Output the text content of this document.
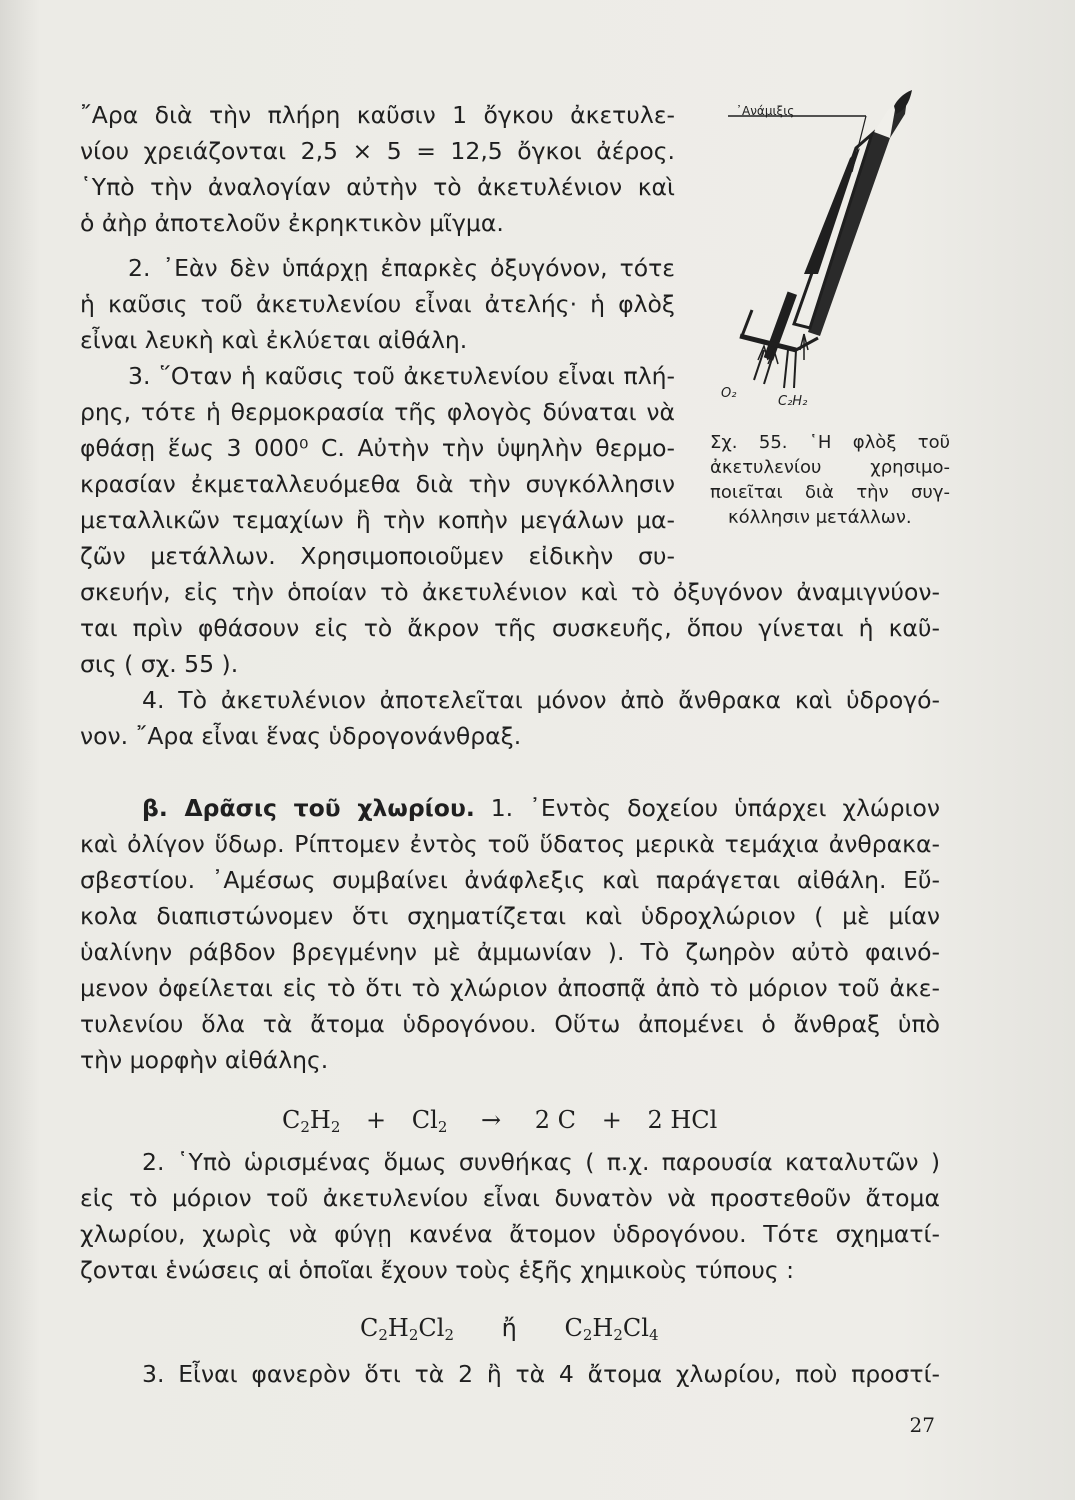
῎Αρα διὰ τὴν πλήρη καῦσιν 1 ὄγκου ἀκετυλε-
νίου χρειάζονται 2,5 × 5 = 12,5 ὄγκοι ἀέρος.
῾Υπὸ τὴν ἀναλογίαν αὐτὴν τὸ ἀκετυλένιον καὶ
ὁ ἀὴρ ἀποτελοῦν ἐκρηκτικὸν μῖγμα.
2. ᾿Εὰν δὲν ὑπάρχῃ ἐπαρκὲς ὀξυγόνον, τότε
ἡ καῦσις τοῦ ἀκετυλενίου εἶναι ἀτελής· ἡ φλὸξ
εἶναι λευκὴ καὶ ἐκλύεται αἰθάλη.
3. ῞Οταν ἡ καῦσις τοῦ ἀκετυλενίου εἶναι πλή-
ρης, τότε ἡ θερμοκρασία τῆς φλογὸς δύναται νὰ
φθάσῃ ἕως 3 000⁰ C. Αὐτὴν τὴν ὑψηλὴν θερμο-
κρασίαν ἐκμεταλλευόμεθα διὰ τὴν συγκόλλησιν
μεταλλικῶν τεμαχίων ἢ τὴν κοπὴν μεγάλων μα-
ζῶν μετάλλων. Χρησιμοποιοῦμεν εἰδικὴν συ-
σκευήν, εἰς τὴν ὁποίαν τὸ ἀκετυλένιον καὶ τὸ ὀξυγόνον ἀναμιγνύον-
ται πρὶν φθάσουν εἰς τὸ ἄκρον τῆς συσκευῆς, ὅπου γίνεται ἡ καῦ-
σις ( σχ. 55 ).
4. Τὸ ἀκετυλένιον ἀποτελεῖται μόνον ἀπὸ ἄνθρακα καὶ ὑδρογό-
νον. ῎Αρα εἶναι ἕνας ὑδρογονάνθραξ.
β. Δρᾶσις τοῦ χλωρίου. 1. ᾿Εντὸς δοχείου ὑπάρχει χλώριον
καὶ ὀλίγον ὕδωρ. Ρίπτομεν ἐντὸς τοῦ ὕδατος μερικὰ τεμάχια ἀνθρακα-
σβεστίου. ᾿Αμέσως συμβαίνει ἀνάφλεξις καὶ παράγεται αἰθάλη. Εὔ-
κολα διαπιστώνομεν ὅτι σχηματίζεται καὶ ὑδροχλώριον ( μὲ μίαν
ὑαλίνην ράβδον βρεγμένην μὲ ἀμμωνίαν ). Τὸ ζωηρὸν αὐτὸ φαινό-
μενον ὀφείλεται εἰς τὸ ὅτι τὸ χλώριον ἀποσπᾷ ἀπὸ τὸ μόριον τοῦ ἀκε-
τυλενίου ὅλα τὰ ἄτομα ὑδρογόνου. Οὕτω ἀπομένει ὁ ἄνθραξ ὑπὸ
τὴν μορφὴν αἰθάλης.
$C_2H_2 + Cl_2 \to 2$ C + 2 HCl
2. ῾Υπὸ ὡρισμένας ὅμως συνθήκας ( π.χ. παρουσία καταλυτῶν )
εἰς τὸ μόριον τοῦ ἀκετυλενίου εἶναι δυνατὸν νὰ προστεθοῦν ἄτομα
χλωρίου, χωρὶς νὰ φύγῃ κανένα ἄτομον ὑδρογόνου. Τότε σχηματί-
ζονται ἑνώσεις αἱ ὁποῖαι ἔχουν τοὺς ἑξῆς χημικοὺς τύπους :
$C_2H_2Cl_2$ ἤ $C_2H_2Cl_4$
3. Εἶναι φανερὸν ὅτι τὰ 2 ἢ τὰ 4 ἄτομα χλωρίου, ποὺ προστί-
᾿Ανάμιξις
O₂
C₂H₂
Σχ. 55. ῾Η φλὸξ τοῦ
ἀκετυλενίου χρησιμο-
ποιεῖται διὰ τὴν συγ-
κόλλησιν μετάλλων.
27
